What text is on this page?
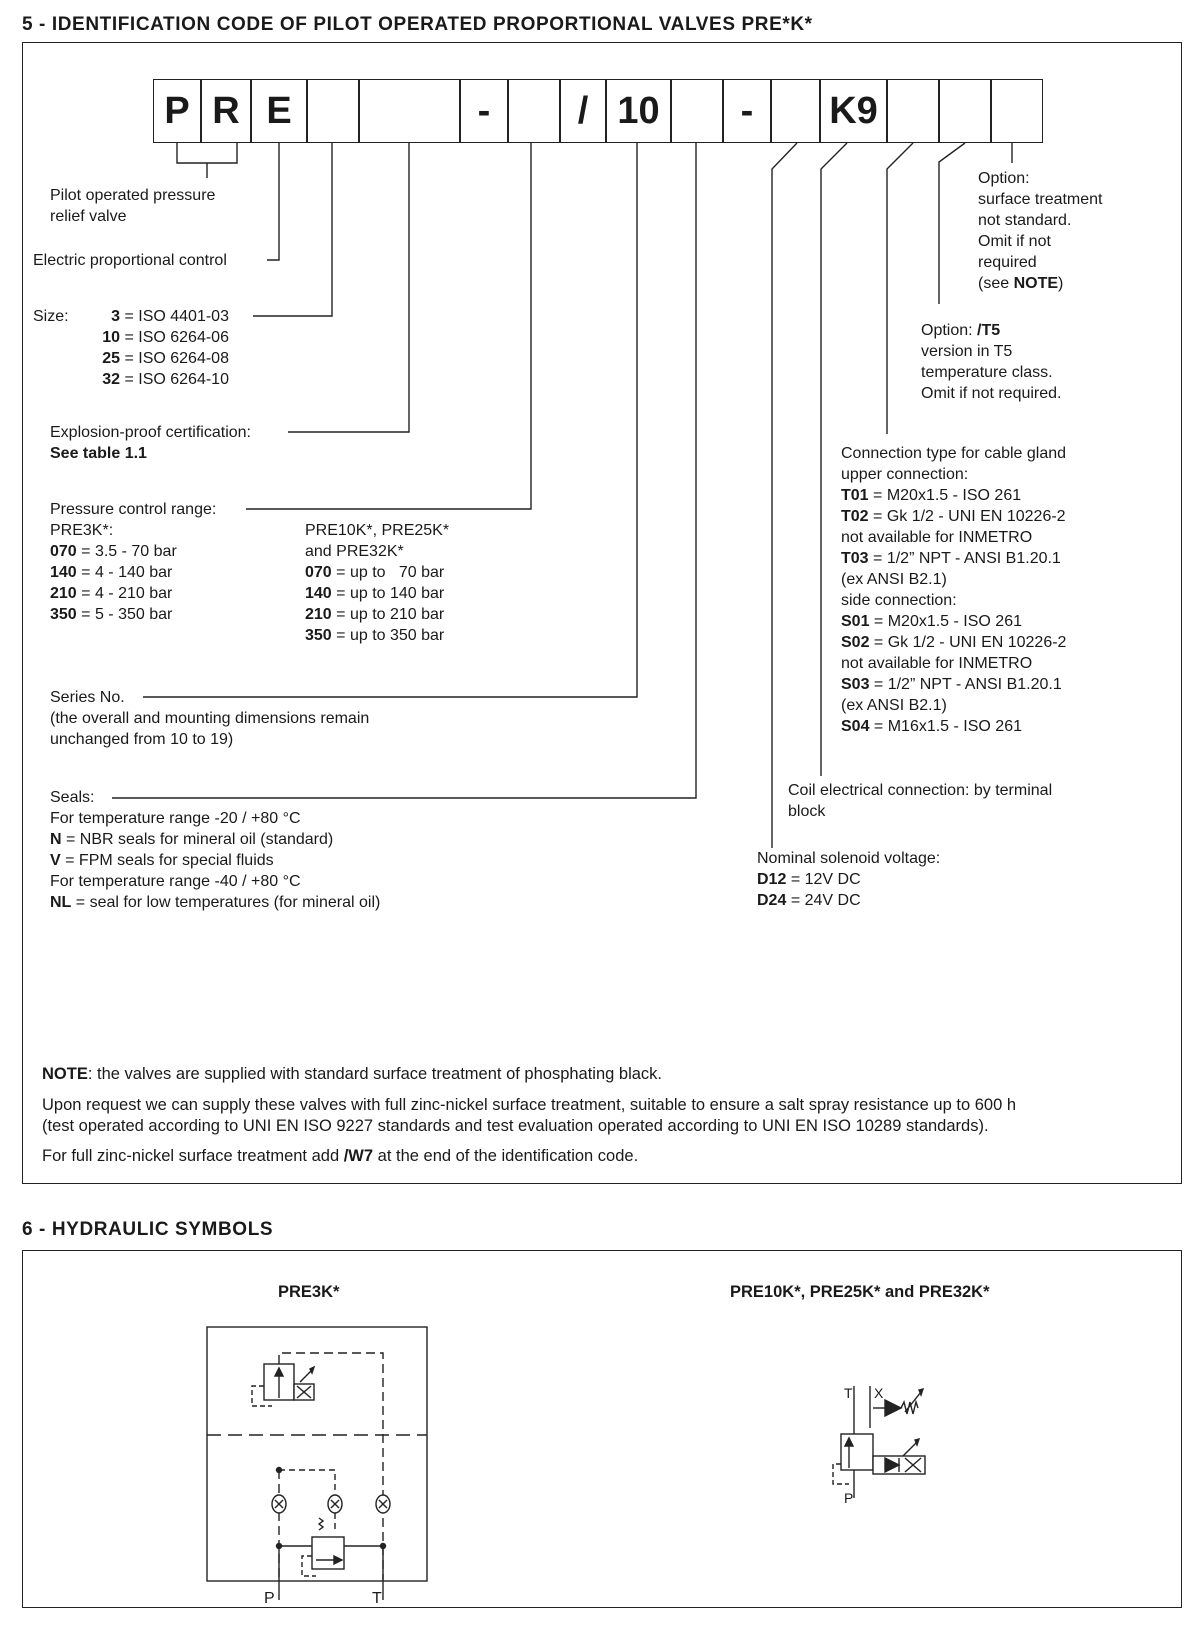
5 - IDENTIFICATION CODE OF PILOT OPERATED PROPORTIONAL VALVES PRE*K*
P R E	-	/ 10	-	K9
Pilot operated pressure
relief valve
Electric proportional control
Size:	3 = ISO 4401-03
10 = ISO 6264-06
25 = ISO 6264-08
32 = ISO 6264-10
Explosion-proof certification:
See table 1.1
Pressure control range:
PRE3K*:
070 = 3.5 - 70 bar
140 = 4 - 140 bar
210 = 4 - 210 bar
350 = 5 - 350 bar
PRE10K*, PRE25K*
and PRE32K*
070 = up to   70 bar
140 = up to 140 bar
210 = up to 210 bar
350 = up to 350 bar
Series No.
(the overall and mounting dimensions remain
unchanged from 10 to 19)
Seals:
For temperature range -20 / +80 °C
N = NBR seals for mineral oil (standard)
V = FPM seals for special fluids
For temperature range -40 / +80 °C
NL = seal for low temperatures (for mineral oil)
Option:
surface treatment
not standard.
Omit if not
required
(see NOTE)
Option: /T5
version in T5
temperature class.
Omit if not required.
Connection type for cable gland
upper connection:
T01 = M20x1.5 - ISO 261
T02 = Gk 1/2 - UNI EN 10226-2
not available for INMETRO
T03 = 1/2” NPT - ANSI B1.20.1
(ex ANSI B2.1)
side connection:
S01 = M20x1.5 - ISO 261
S02 = Gk 1/2 - UNI EN 10226-2
not available for INMETRO
S03 = 1/2” NPT - ANSI B1.20.1
(ex ANSI B2.1)
S04 = M16x1.5 - ISO 261
Coil electrical connection: by terminal
block
Nominal solenoid voltage:
D12 = 12V DC
D24 = 24V DC
NOTE: the valves are supplied with standard surface treatment of phosphating black.
Upon request we can supply these valves with full zinc-nickel surface treatment, suitable to ensure a salt spray resistance up to 600 h
(test operated according to UNI EN ISO 9227 standards and test evaluation operated according to UNI EN ISO 10289 standards).
For full zinc-nickel surface treatment add /W7 at the end of the identification code.
6 - HYDRAULIC SYMBOLS
PRE3K*	PRE10K*, PRE25K* and PRE32K*
P	T
T X
P
